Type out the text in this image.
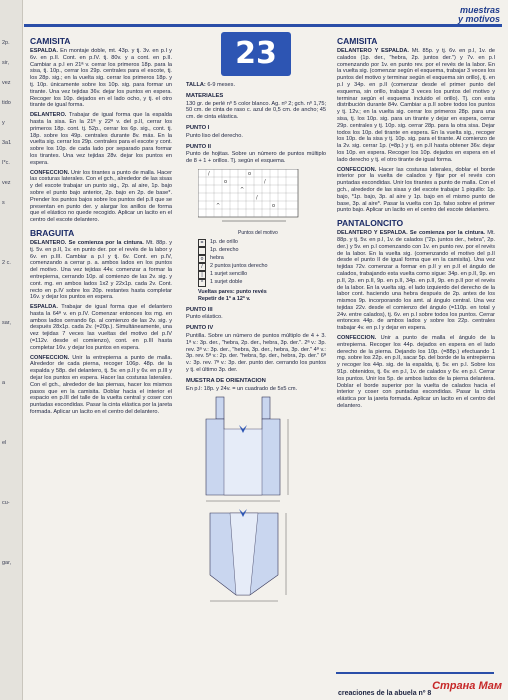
2p.
sir,
vez
tido
y
3a1
I*c.
vez
s
2 c.
sar,
a
el
cu-
gar,
muestras
y motivos
CAMISITA
ESPALDA. En montaje doble, mt. 43p. y tj. 3v. en p.I y 6v. en p.II. Cont. en p.IV. tj. 80v. y a cont. en p.II. Cambiar a p.I en 21ª v. cerrar los primeros 18p. para la sisa, tj. 10p., cerrar los 29p. centrales para el escote, tj. los 28p. sig.; en la vuelta sig. cerrar los primeros 18p. y tj. 10p. únicamente sobre los 10p. sig. para formar un tirante. Una vez tejidas 36v. dejar los puntos en espera. Recoger los 10p. dejados en el lado ocho, y tj. el otro tirante de igual forma.
DELANTERO. Trabajar de igual forma que la espalda hasta la sisa. En la 21ª y 22ª v. del p.II, cerrar los primeros 18p. cont. tj. 52p., cerrar los 6p. sig., cont. tj. 18p. sobre los 49p. centrales durante 8v. más. En la vuelta sig. cerrar los 29p. centrales para el escote y cont. sobre los 10p. de cada lado por separado para formar los tirantes. Una vez tejidas 28v. dejar los puntos en espera.
CONFECCION. Unir los tirantes a punto de malla. Hacer las costuras laterales. Con el gch., alrededor de las sisas y del escote trabajar un punto sig., 2p. al aire, 1p. bajo sobre el punto bajo anterior, 2p. bajo en 2p. de base*. Prender los puntos bajos sobre los puntos del p.II que se presentan en punto der. y alargar los anillos de forma que el elástico no quede recogido. Aplicar un lacito en el centro del escote delantero.
BRAGUITA
DELANTERO. Se comienza por la cintura. Mt. 88p. y tj. 5v. en p.II, 1v. en punto der. por el revés de la labor y 6v. en p.III. Cambiar a p.I y tj. 6v. Cont. en p.IV, comenzando a cerrar p. a. ambos lados en los puntos del motivo. Una vez tejidas 44v. comenzar a formar la entrepierna, cerrando 10p. al comienzo de las 2v. sig. y cont. mg. en ambos lados 1x2 y 22x1p. cada 2v. Cont. recto en p.IV sobre los 20p. restantes hasta completar 16v. y dejar los puntos en espera.
ESPALDA. Trabajar de igual forma que el delantero hasta la 64ª v. en p.IV. Comenzar entonces los mg. en ambos lados cerrando 6p. al comienzo de las 2v. sig. y después 28x1p. cada 2v. (=20p.). Simultáneamente, una vez tejidas 7 veces las vueltas del motivo del p.IV (=112v. desde el comienzo), cont. en p.III hasta completar 16v. y dejar los puntos en espera.
CONFECCION. Unir la entrepierna a punto de malla. Alrededor de cada pierna, recoger 106p. 48p. de la espalda y 58p. del delantero, tj. 5v. en p.II y 6v. en p.III y dejar los puntos en espera. Hacer las costuras laterales. Con el gch., alrededor de las piernas, hacer los mismos pasos que en la camisita. Doblar hacia el interior el espacio en p.III del talle de la vuelta central y coser con puntadas escondidas. Pasar la cinta elástica por la jareta formada. Aplicar un lacito en el centro del delantero.
23
TALLA: 6-9 meses.
MATERIALES
130 gr. de perlé nº 5 color blanco. Ag. nº 2; gch. nº 1,75; 50 cm. de cinta de raso c. azul de 0,5 cm. de ancho; 45 cm. de cinta elástica.
PUNTO I
Punto liso del derecho.
PUNTO II
Punto de hojitas. Sobre un número de puntos múltiplo de 8 + 1 + orillos. Tj. según el esquema.
/
o
^
/
o
^
/
o
Puntos del motivo
=	1p. de orillo
1p. derecho
o	hebra
/	2 puntos juntos derecho
|	1 surjet sencillo
^	1 surjet doble
Vueltas pares: punto revés
Repetir de 1ª a 12ª v.
PUNTO III
Punto elástico.
PUNTO IV
Puntilla. Sobre un número de puntos múltiplo de 4 + 3. 1ª v.: 3p. der., "hebra, 2p. der., hebra, 3p. der.". 2ª v.: 3p. rev. 3ª v.: 3p. der., "hebra, 3p. der., hebra, 3p. der." 4ª v.: 3p. rev. 5ª v.: 2p. der. "hebra, 5p. der., hebra, 2p. der." 6ª v.: 3p. rev. 7ª v.: 3p. der. punto der. cerrando los puntos y tj. el último 3p. der.
MUESTRA DE ORIENTACION
En p.I: 18p. y 24v. = un cuadrado de 5x5 cm.
CAMISITA
DELANTERO Y ESPALDA. Mt. 85p. y tj. 6v. en p.I, 1v. de calados (1p. der., "hebra, 2p. juntos der.") y 7v. en p.I comenzando por 1v. en punto rev. por el revés de la labor. En la vuelta sig. (comenzar según el esquema, trabajar 3 veces los puntos del motivo y terminar según el esquema sin orillo), tj. en p.I y 34p. en p.II (comenzar desde el primer punto del esquema, sin orillo, trabajar 3 veces los puntos del motivo y terminar según el esquema incluido el orillo). Tj. con esta distribución durante 84v. Cambiar a p.II sobre todos los puntos y tj. 12v.; en la vuelta sig. cerrar los primeros 28p. para una sisa, tj. los 10p. sig. para un tirante y dejar en espera, cerrar 29p. centrales y tj. 10p. sig. cerrar 28p. para la otra sisa. Dejar todos los 10p. del tirante en espera. En la vuelta sig., recoger los 10p. de la sisa y tj. 10p. sig. para el tirante. Al comienzo de la 2v. sig. cerrar 1p. (=8p.) y tj. en p.II hasta obtener 36v. dejar los 10p. en espera. Recoger los 10p. dejados en espera en el lado derecho y tj. el otro tirante de igual forma.
CONFECCION. Hacer las costuras laterales, doblar el borde interior por la vuelta de calados y fijar por el revés con puntadas escondidas. Unir los tirantes a punto de malla. Con el gch., alrededor de las sisas y del escote trabajar 1 piquillo: 1p. bajo, *1p. bajo, 3p. al aire y 1p. bajo en el mismo punto de base, 3p. al aire*. Pasar la vuelta con 1p. falso sobre el primer punto bajo. Aplicar un lacito en el centro del escote delantero.
PANTALONCITO
DELANTERO Y ESPALDA. Se comienza por la cintura. Mt. 88p. y tj. 5v. en p.I, 1v. de calados ("2p. juntos der., hebra", 2p. der.) y 5v. en p.I comenzando con 1v. en punto rev. por el revés de la labor. En la vuelta sig. (comenzando el motivo del p.II desde el punto II de igual forma que en la camisita). Una vez tejidas 72v. comenzar a formar en p.II y en p.II el ángulo de calados, trabajando esta vuelta como sigue: 34p. en p.II, 9p. en p.II, 2p. en p.II, 9p. en p.II, 34p. en p.II, 9p. en p.II por el revés de la labor. En la vuelta sig. el lado izquierdo del derecho de la labor cont. haciendo una hebra después de 2p. antes de los mismos 9p. incorporando los amt. al ángulo central. Una vez tejidas 22v. desde el comienzo del ángulo (=110p. en total y 24v. entre calados), tj. 6v. en p.I sobre todos los puntos. Cerrar entonces 44p. de ambos lados y sobre los 22p. centrales trabajar 4v. en p.I y dejar en espera.
CONFECCION. Unir a punto de malla el ángulo de la entrepierna. Recoger los 44p. dejados en espera en el lado derecho de la pierna. Dejando los 10p. (=88p.) efectuando 1 mg. sobre los 22p. en p.II, sacar 5p. del borde de la entrepierna y recoger los 44p. sig. de la espalda, tj. 5v. en p.I. Sobre los 91p. obtenidos, tj. 6v. en p.I, 1v. de calados y 6v. en p.I. Cerrar los puntos. Unir los 5p. de ambos lados de la pierna delantera. Doblar el borde superior por la vuelta de calados hacia el interior y coser con puntadas escondidas. Pasar la cinta elástica por la jareta formada. Aplicar un lacito en el centro del delantero.
creaciones de la abuela nº 8
Страна Мам
